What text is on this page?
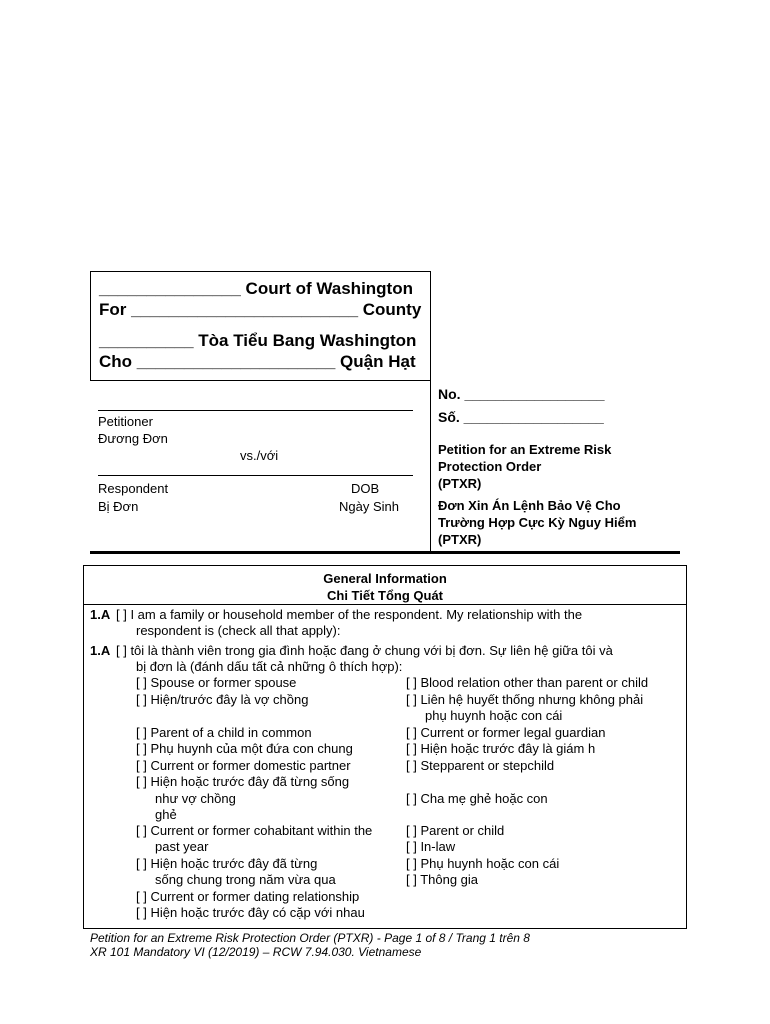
_______________ Court of Washington
For ________________________ County
__________ Tòa Tiểu Bang Washington
Cho _____________________ Quận Hạt
Petitioner
Đương Đơn
vs./với
Respondent
Bị Đơn
DOB
Ngày Sinh
No. __________________
Số. __________________
Petition for an Extreme Risk
Protection Order
(PTXR)
Đơn Xin Án Lệnh Bảo Vệ Cho
Trường Hợp Cực Kỳ Nguy Hiểm
(PTXR)
General Information
Chi Tiết Tổng Quát
1.A [ ] I am a family or household member of the respondent. My relationship with the
respondent is (check all that apply):
1.A [ ] tôi là thành viên trong gia đình hoặc đang ở chung với bị đơn. Sự liên hệ giữa tôi và
bị đơn là (đánh dấu tất cả những ô thích hợp):
[ ] Spouse or former spouse
[ ] Hiện/trước đây là vợ chồng
[ ] Parent of a child in common
[ ] Phụ huynh của một đứa con chung
[ ] Current or former domestic partner
[ ] Hiện hoặc trước đây đã từng sống
như vợ chồng
ghẻ
[ ] Current or former cohabitant within the
past year
[ ] Hiện hoặc trước đây đã từng
sống chung trong năm vừa qua
[ ] Current or former dating relationship
[ ] Hiện hoặc trước đây có cặp với nhau
[ ] Blood relation other than parent or child
[ ] Liên hệ huyết thống nhưng không phải
phụ huynh hoặc con cái
[ ] Current or former legal guardian
[ ] Hiện hoặc trước đây là giám h
[ ] Stepparent or stepchild
[ ] Cha mẹ ghẻ hoặc con
[ ] Parent or child
[ ] In-law
[ ] Phụ huynh hoặc con cái
[ ] Thông gia
Petition for an Extreme Risk Protection Order (PTXR) - Page 1 of 8 / Trang 1 trên 8
XR 101 Mandatory VI (12/2019) – RCW 7.94.030. Vietnamese
